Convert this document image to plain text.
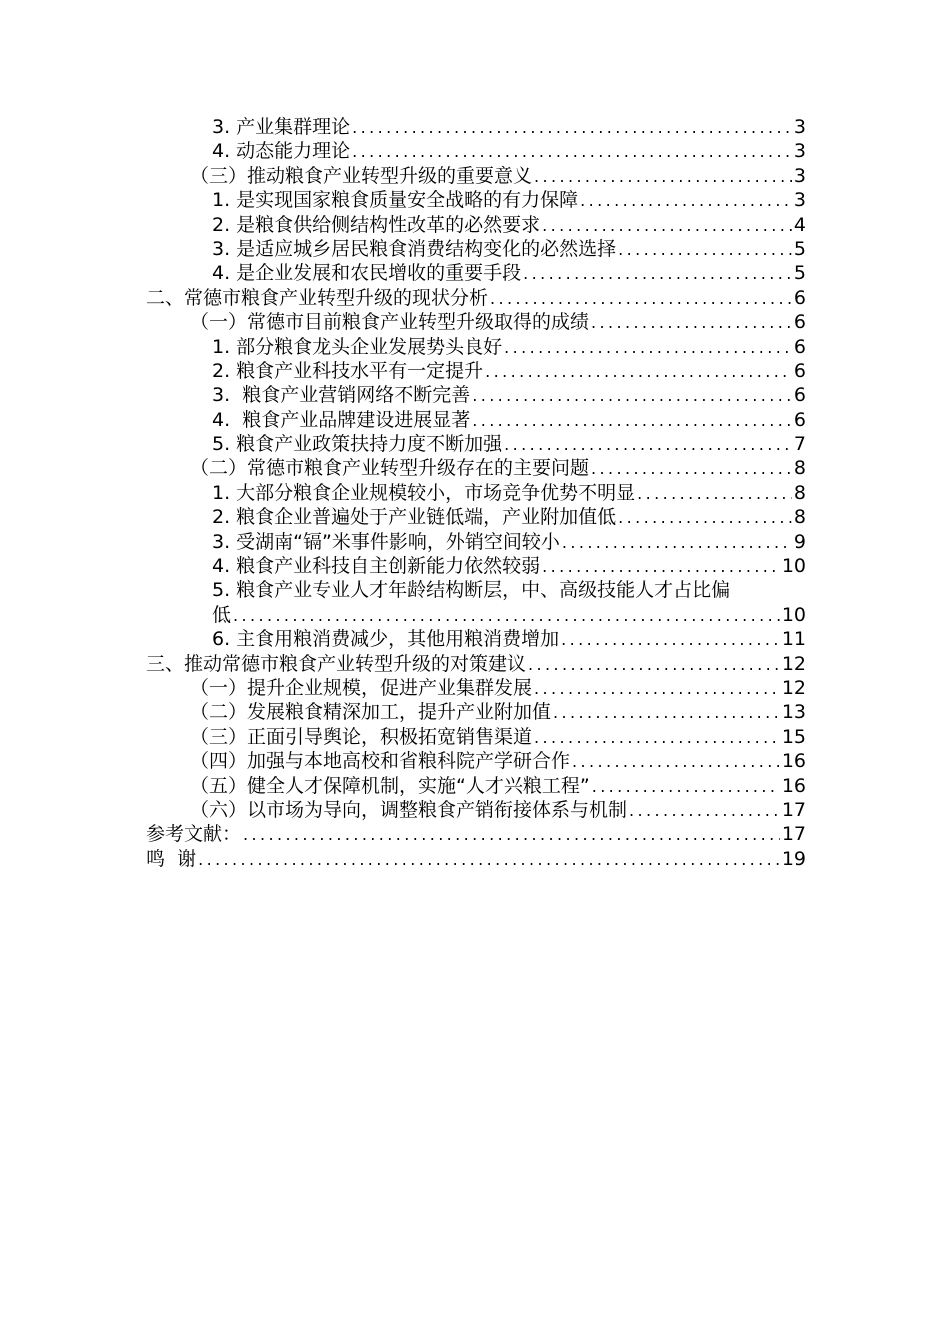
3. 产业集群理论 .....	3
4. 动态能力理论 .....	3
（三）推动粮食产业转型升级的重要意义 .....	3
1. 是实现国家粮食质量安全战略的有力保障 .....	3
2. 是粮食供给侧结构性改革的必然要求 .....	4
3. 是适应城乡居民粮食消费结构变化的必然选择 .....	5
4. 是企业发展和农民增收的重要手段 .....	5
二、常德市粮食产业转型升级的现状分析 .....	6
（一）常德市目前粮食产业转型升级取得的成绩 .....	6
1. 部分粮食龙头企业发展势头良好 .....	6
2. 粮食产业科技水平有一定提升 .....	6
3.  粮食产业营销网络不断完善 .....	6
4.  粮食产业品牌建设进展显著 .....	6
5. 粮食产业政策扶持力度不断加强 .....	7
（二）常德市粮食产业转型升级存在的主要问题 .....	8
1. 大部分粮食企业规模较小，市场竞争优势不明显 .....	8
2. 粮食企业普遍处于产业链低端，产业附加值低 .....	8
3. 受湖南“镉”米事件影响，外销空间较小 .....	9
4. 粮食产业科技自主创新能力依然较弱 .....	10
5. 粮食产业专业人才年龄结构断层，中、高级技能人才占比偏
低 .....	10
6. 主食用粮消费减少，其他用粮消费增加 .....	11
三、推动常德市粮食产业转型升级的对策建议 .....	12
（一）提升企业规模，促进产业集群发展 .....	12
（二）发展粮食精深加工，提升产业附加值 .....	13
（三）正面引导舆论，积极拓宽销售渠道 .....	15
（四）加强与本地高校和省粮科院产学研合作 .....	16
（五）健全人才保障机制，实施“人才兴粮工程” .....	16
（六）以市场为导向，调整粮食产销衔接体系与机制 .....	17
参考文献： .....	17
鸣  谢 .....	19
